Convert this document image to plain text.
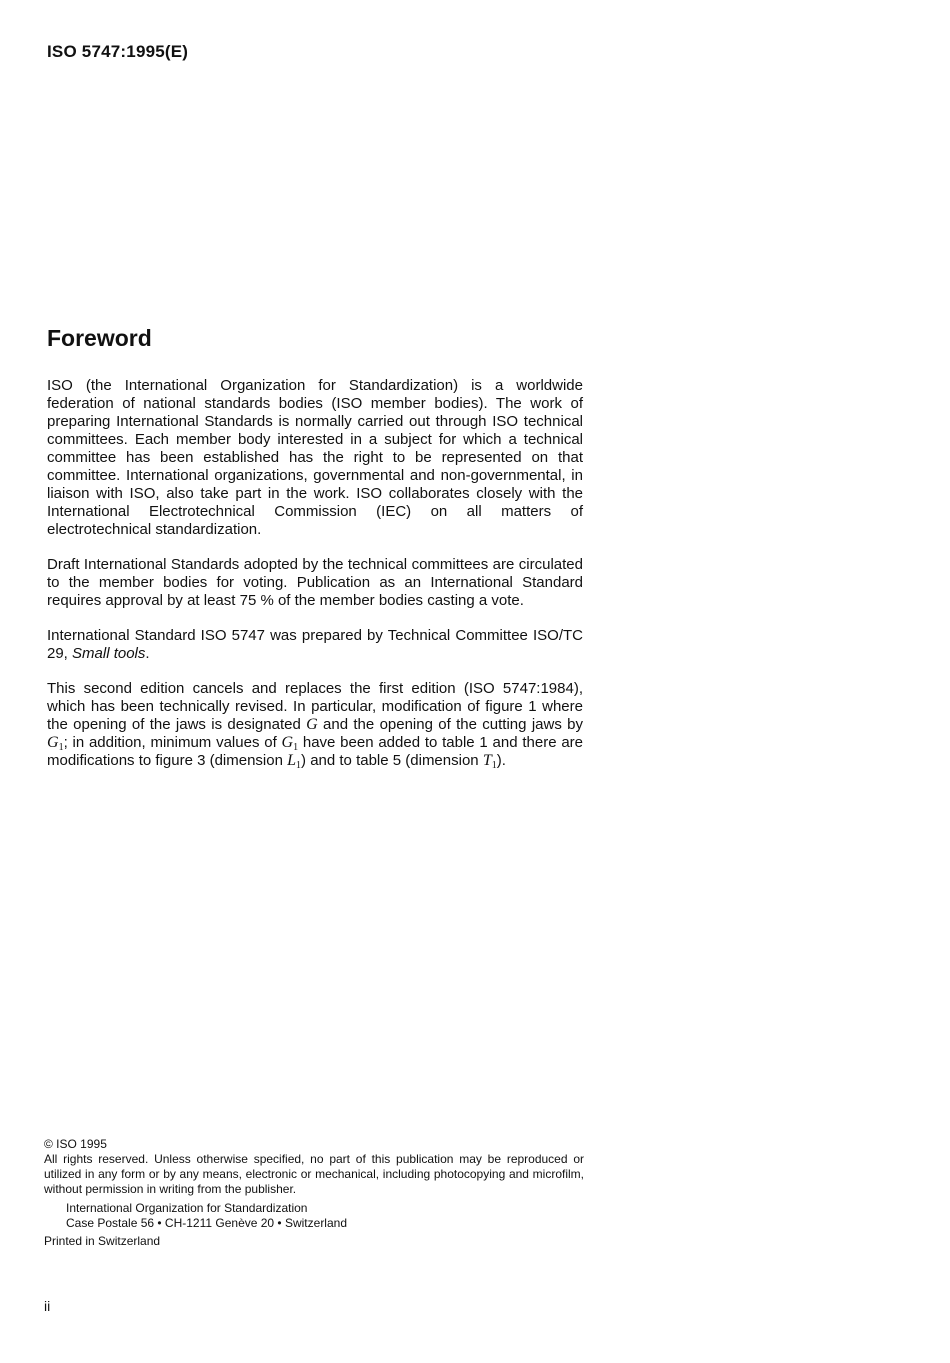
ISO 5747:1995(E)
Foreword

ISO (the International Organization for Standardization) is a worldwide federation of national standards bodies (ISO member bodies). The work of preparing International Standards is normally carried out through ISO technical committees. Each member body interested in a subject for which a technical committee has been established has the right to be represented on that committee. International organizations, governmental and non-governmental, in liaison with ISO, also take part in the work. ISO collaborates closely with the International Electrotechnical Commission (IEC) on all matters of electrotechnical standardization.

Draft International Standards adopted by the technical committees are circulated to the member bodies for voting. Publication as an International Standard requires approval by at least 75 % of the member bodies casting a vote.

International Standard ISO 5747 was prepared by Technical Committee ISO/TC 29, Small tools.

This second edition cancels and replaces the first edition (ISO 5747:1984), which has been technically revised. In particular, modification of figure 1 where the opening of the jaws is designated G and the opening of the cutting jaws by $G_1$; in addition, minimum values of $G_1$ have been added to table 1 and there are modifications to figure 3 (dimension $L_1$) and to table 5 (dimension $T_1$).

© ISO 1995

All rights reserved. Unless otherwise specified, no part of this publication may be reproduced or utilized in any form or by any means, electronic or mechanical, including photocopying and microfilm, without permission in writing from the publisher.

International Organization for Standardization

Case Postale 56 • CH-1211 Genève 20 • Switzerland

Printed in Switzerland

ii
